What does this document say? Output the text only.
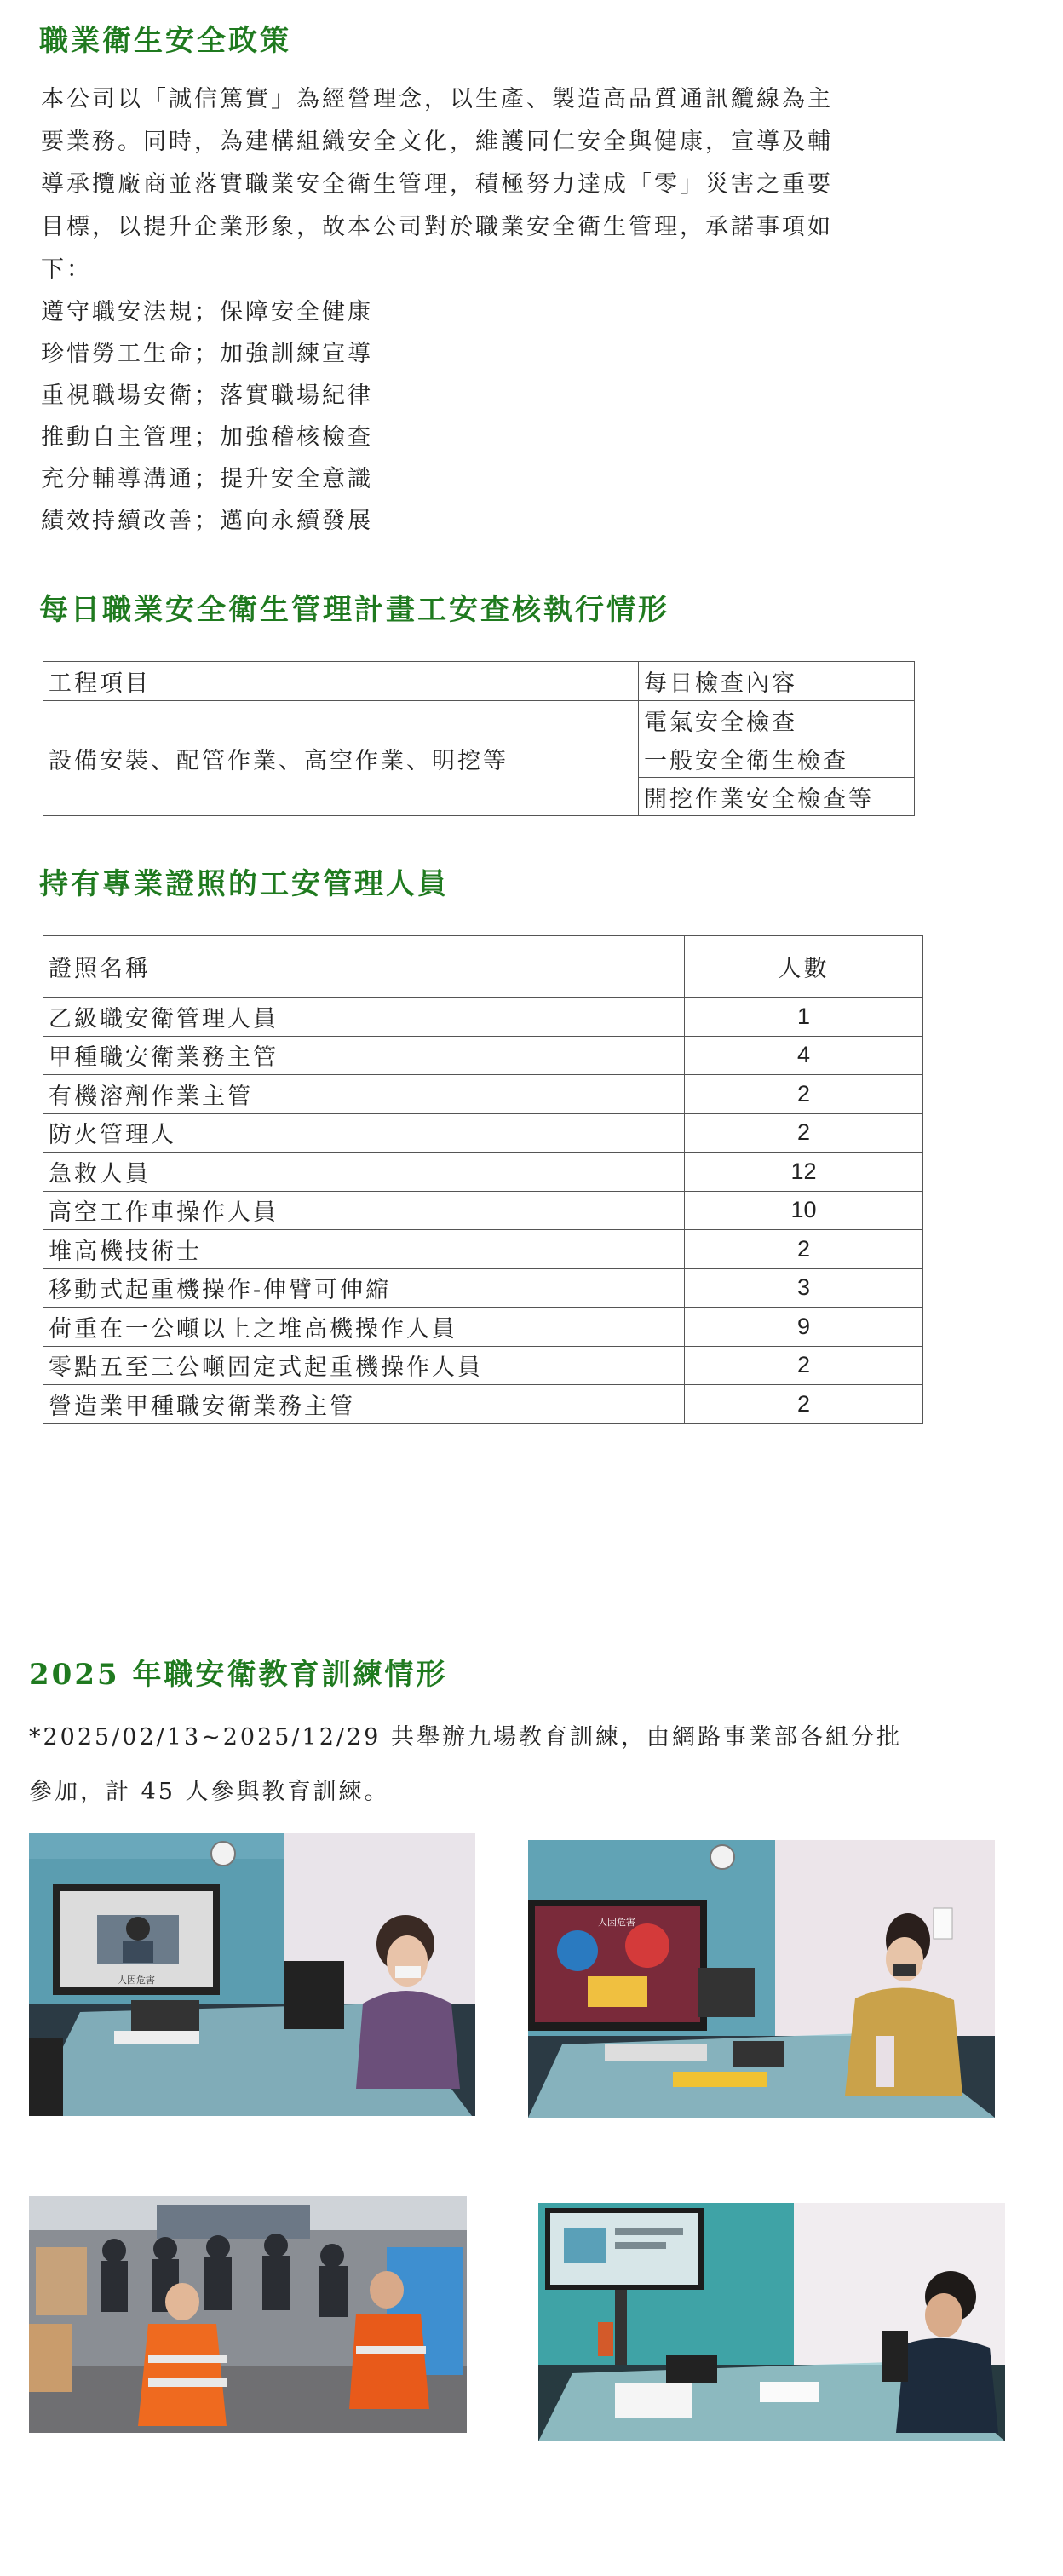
職業衛生安全政策
本公司以「誠信篤實」為經營理念，以生產、製造高品質通訊纜線為主
要業務。同時，為建構組織安全文化，維護同仁安全與健康，宣導及輔
導承攬廠商並落實職業安全衛生管理，積極努力達成「零」災害之重要
目標，以提升企業形象，故本公司對於職業安全衛生管理，承諾事項如
下：
遵守職安法規；保障安全健康
珍惜勞工生命；加強訓練宣導
重視職場安衛；落實職場紀律
推動自主管理；加強稽核檢查
充分輔導溝通；提升安全意識
績效持續改善；邁向永續發展
每日職業安全衛生管理計畫工安查核執行情形
工程項目	每日檢查內容
設備安裝、配管作業、高空作業、明挖等	電氣安全檢查
	一般安全衛生檢查
	開挖作業安全檢查等
持有專業證照的工安管理人員
證照名稱	人數
乙級職安衛管理人員	1
甲種職安衛業務主管	4
有機溶劑作業主管	2
防火管理人	2
急救人員	12
高空工作車操作人員	10
堆高機技術士	2
移動式起重機操作-伸臂可伸縮	3
荷重在一公噸以上之堆高機操作人員	9
零點五至三公噸固定式起重機操作人員	2
營造業甲種職安衛業務主管	2
2025 年職安衛教育訓練情形
*2025/02/13~2025/12/29 共舉辦九場教育訓練，由網路事業部各組分批
參加，計 45 人參與教育訓練。
人因危害
人因危害
